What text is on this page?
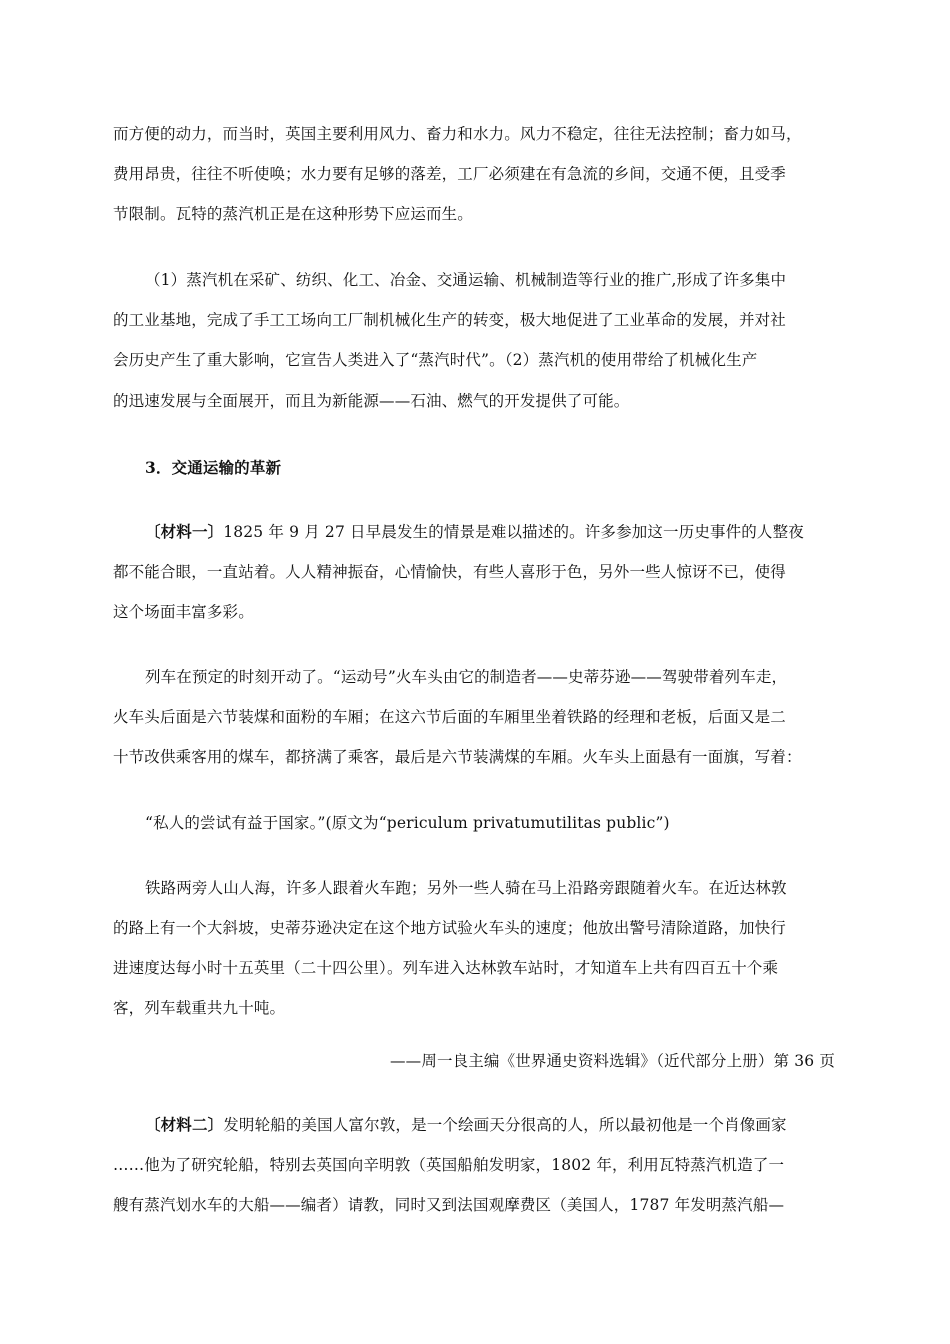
而方便的动力，而当时，英国主要利用风力、畜力和水力。风力不稳定，往往无法控制；畜力如马，
费用昂贵，往往不听使唤；水力要有足够的落差，工厂必须建在有急流的乡间，交通不便，且受季
节限制。瓦特的蒸汽机正是在这种形势下应运而生。
（1）蒸汽机在采矿、纺织、化工、冶金、交通运输、机械制造等行业的推广,形成了许多集中
的工业基地，完成了手工工场向工厂制机械化生产的转变，极大地促进了工业革命的发展，并对社
会历史产生了重大影响，它宣告人类进入了“蒸汽时代”。（2）蒸汽机的使用带给了机械化生产
的迅速发展与全面展开，而且为新能源——石油、燃气的开发提供了可能。
3．交通运输的革新
〔材料一〕1825 年 9 月 27 日早晨发生的情景是难以描述的。许多参加这一历史事件的人整夜
都不能合眼，一直站着。人人精神振奋，心情愉快，有些人喜形于色，另外一些人惊讶不已，使得
这个场面丰富多彩。
列车在预定的时刻开动了。“运动号”火车头由它的制造者——史蒂芬逊——驾驶带着列车走，
火车头后面是六节装煤和面粉的车厢；在这六节后面的车厢里坐着铁路的经理和老板，后面又是二
十节改供乘客用的煤车，都挤满了乘客，最后是六节装满煤的车厢。火车头上面悬有一面旗，写着：
“私人的尝试有益于国家。”(原文为“periculum privatumutilitas public”)
铁路两旁人山人海，许多人跟着火车跑；另外一些人骑在马上沿路旁跟随着火车。在近达林敦
的路上有一个大斜坡，史蒂芬逊决定在这个地方试验火车头的速度；他放出警号清除道路，加快行
进速度达每小时十五英里（二十四公里）。列车进入达林敦车站时，才知道车上共有四百五十个乘
客，列车载重共九十吨。
——周一良主编《世界通史资料选辑》（近代部分上册）第 36 页
〔材料二〕发明轮船的美国人富尔敦，是一个绘画天分很高的人，所以最初他是一个肖像画家
……他为了研究轮船，特别去英国向辛明敦（英国船舶发明家，1802 年，利用瓦特蒸汽机造了一
艘有蒸汽划水车的大船——编者）请教，同时又到法国观摩费区（美国人，1787 年发明蒸汽船—
